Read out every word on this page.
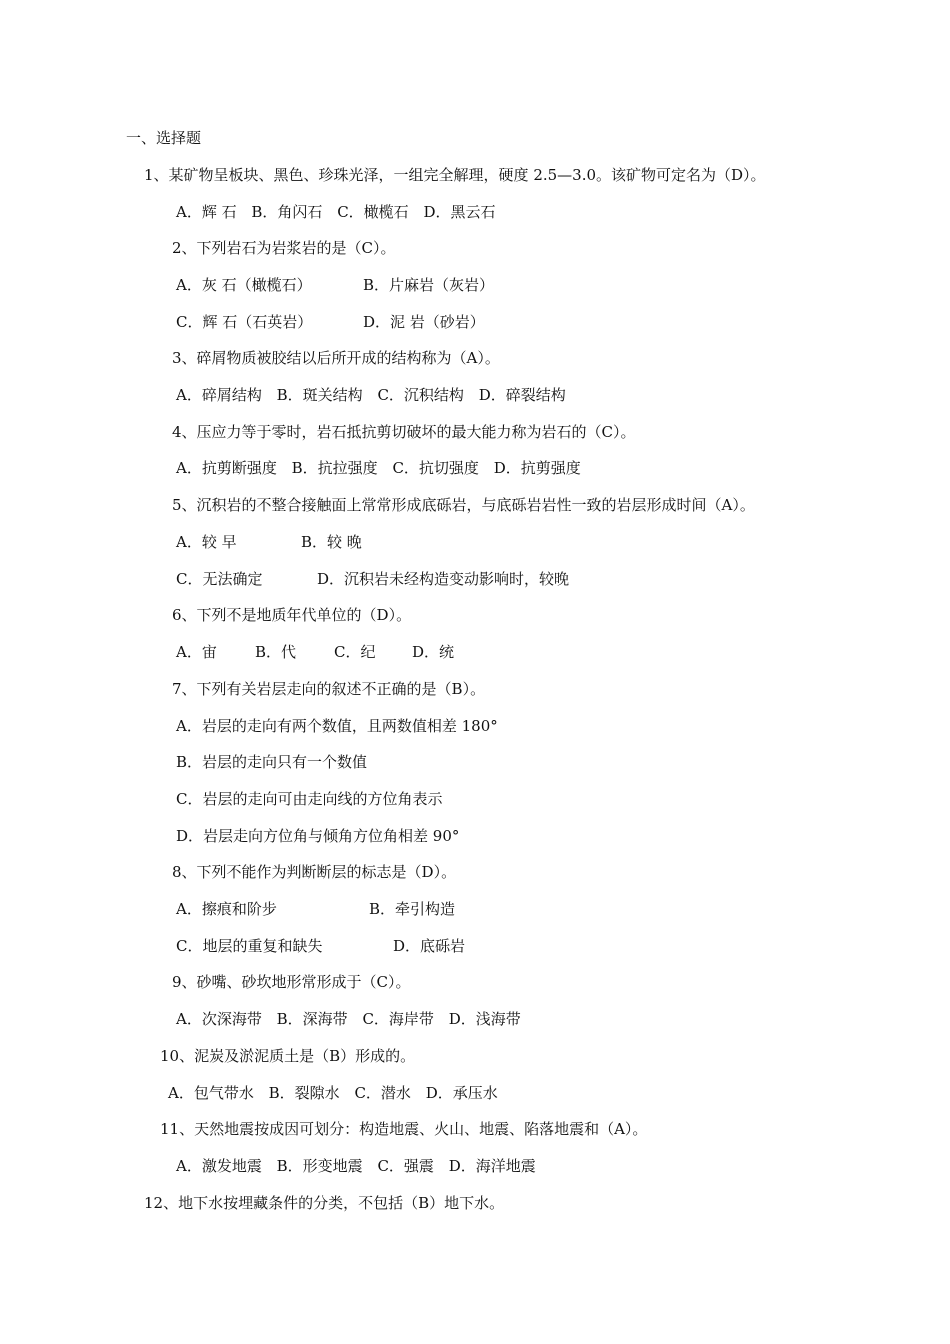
一、选择题
1、某矿物呈板块、黑色、珍珠光泽，一组完全解理，硬度 2.5—3.0。该矿物可定名为（D）。
A．辉 石 B．角闪石 C．橄榄石 D．黑云石
2、下列岩石为岩浆岩的是（C）。
A．灰 石（橄榄石）	B．片麻岩（灰岩）
C．辉 石（石英岩）	D．泥 岩（砂岩）
3、碎屑物质被胶结以后所开成的结构称为（A）。
A．碎屑结构 B．斑关结构 C．沉积结构 D．碎裂结构
4、压应力等于零时，岩石抵抗剪切破坏的最大能力称为岩石的（C）。
A．抗剪断强度 B．抗拉强度 C．抗切强度 D．抗剪强度
5、沉积岩的不整合接触面上常常形成底砾岩，与底砾岩岩性一致的岩层形成时间（A）。
A．较 早	B．较 晚
C．无法确定	D．沉积岩未经构造变动影响时，较晚
6、下列不是地质年代单位的（D）。
A．宙	B．代	C．纪 D．统
7、下列有关岩层走向的叙述不正确的是（B）。
A．岩层的走向有两个数值，且两数值相差 180°
B．岩层的走向只有一个数值
C．岩层的走向可由走向线的方位角表示
D．岩层走向方位角与倾角方位角相差 90°
8、下列不能作为判断断层的标志是（D）。
A．擦痕和阶步	B．牵引构造
C．地层的重复和缺失	D．底砾岩
9、砂嘴、砂坎地形常形成于（C）。
A．次深海带 B．深海带 C．海岸带 D．浅海带
10、泥炭及淤泥质土是（B）形成的。
A．包气带水 B．裂隙水 C．潜水 D．承压水
11、天然地震按成因可划分：构造地震、火山、地震、陷落地震和（A）。
A．激发地震 B．形变地震 C．强震 D．海洋地震
12、地下水按埋藏条件的分类，不包括（B）地下水。
